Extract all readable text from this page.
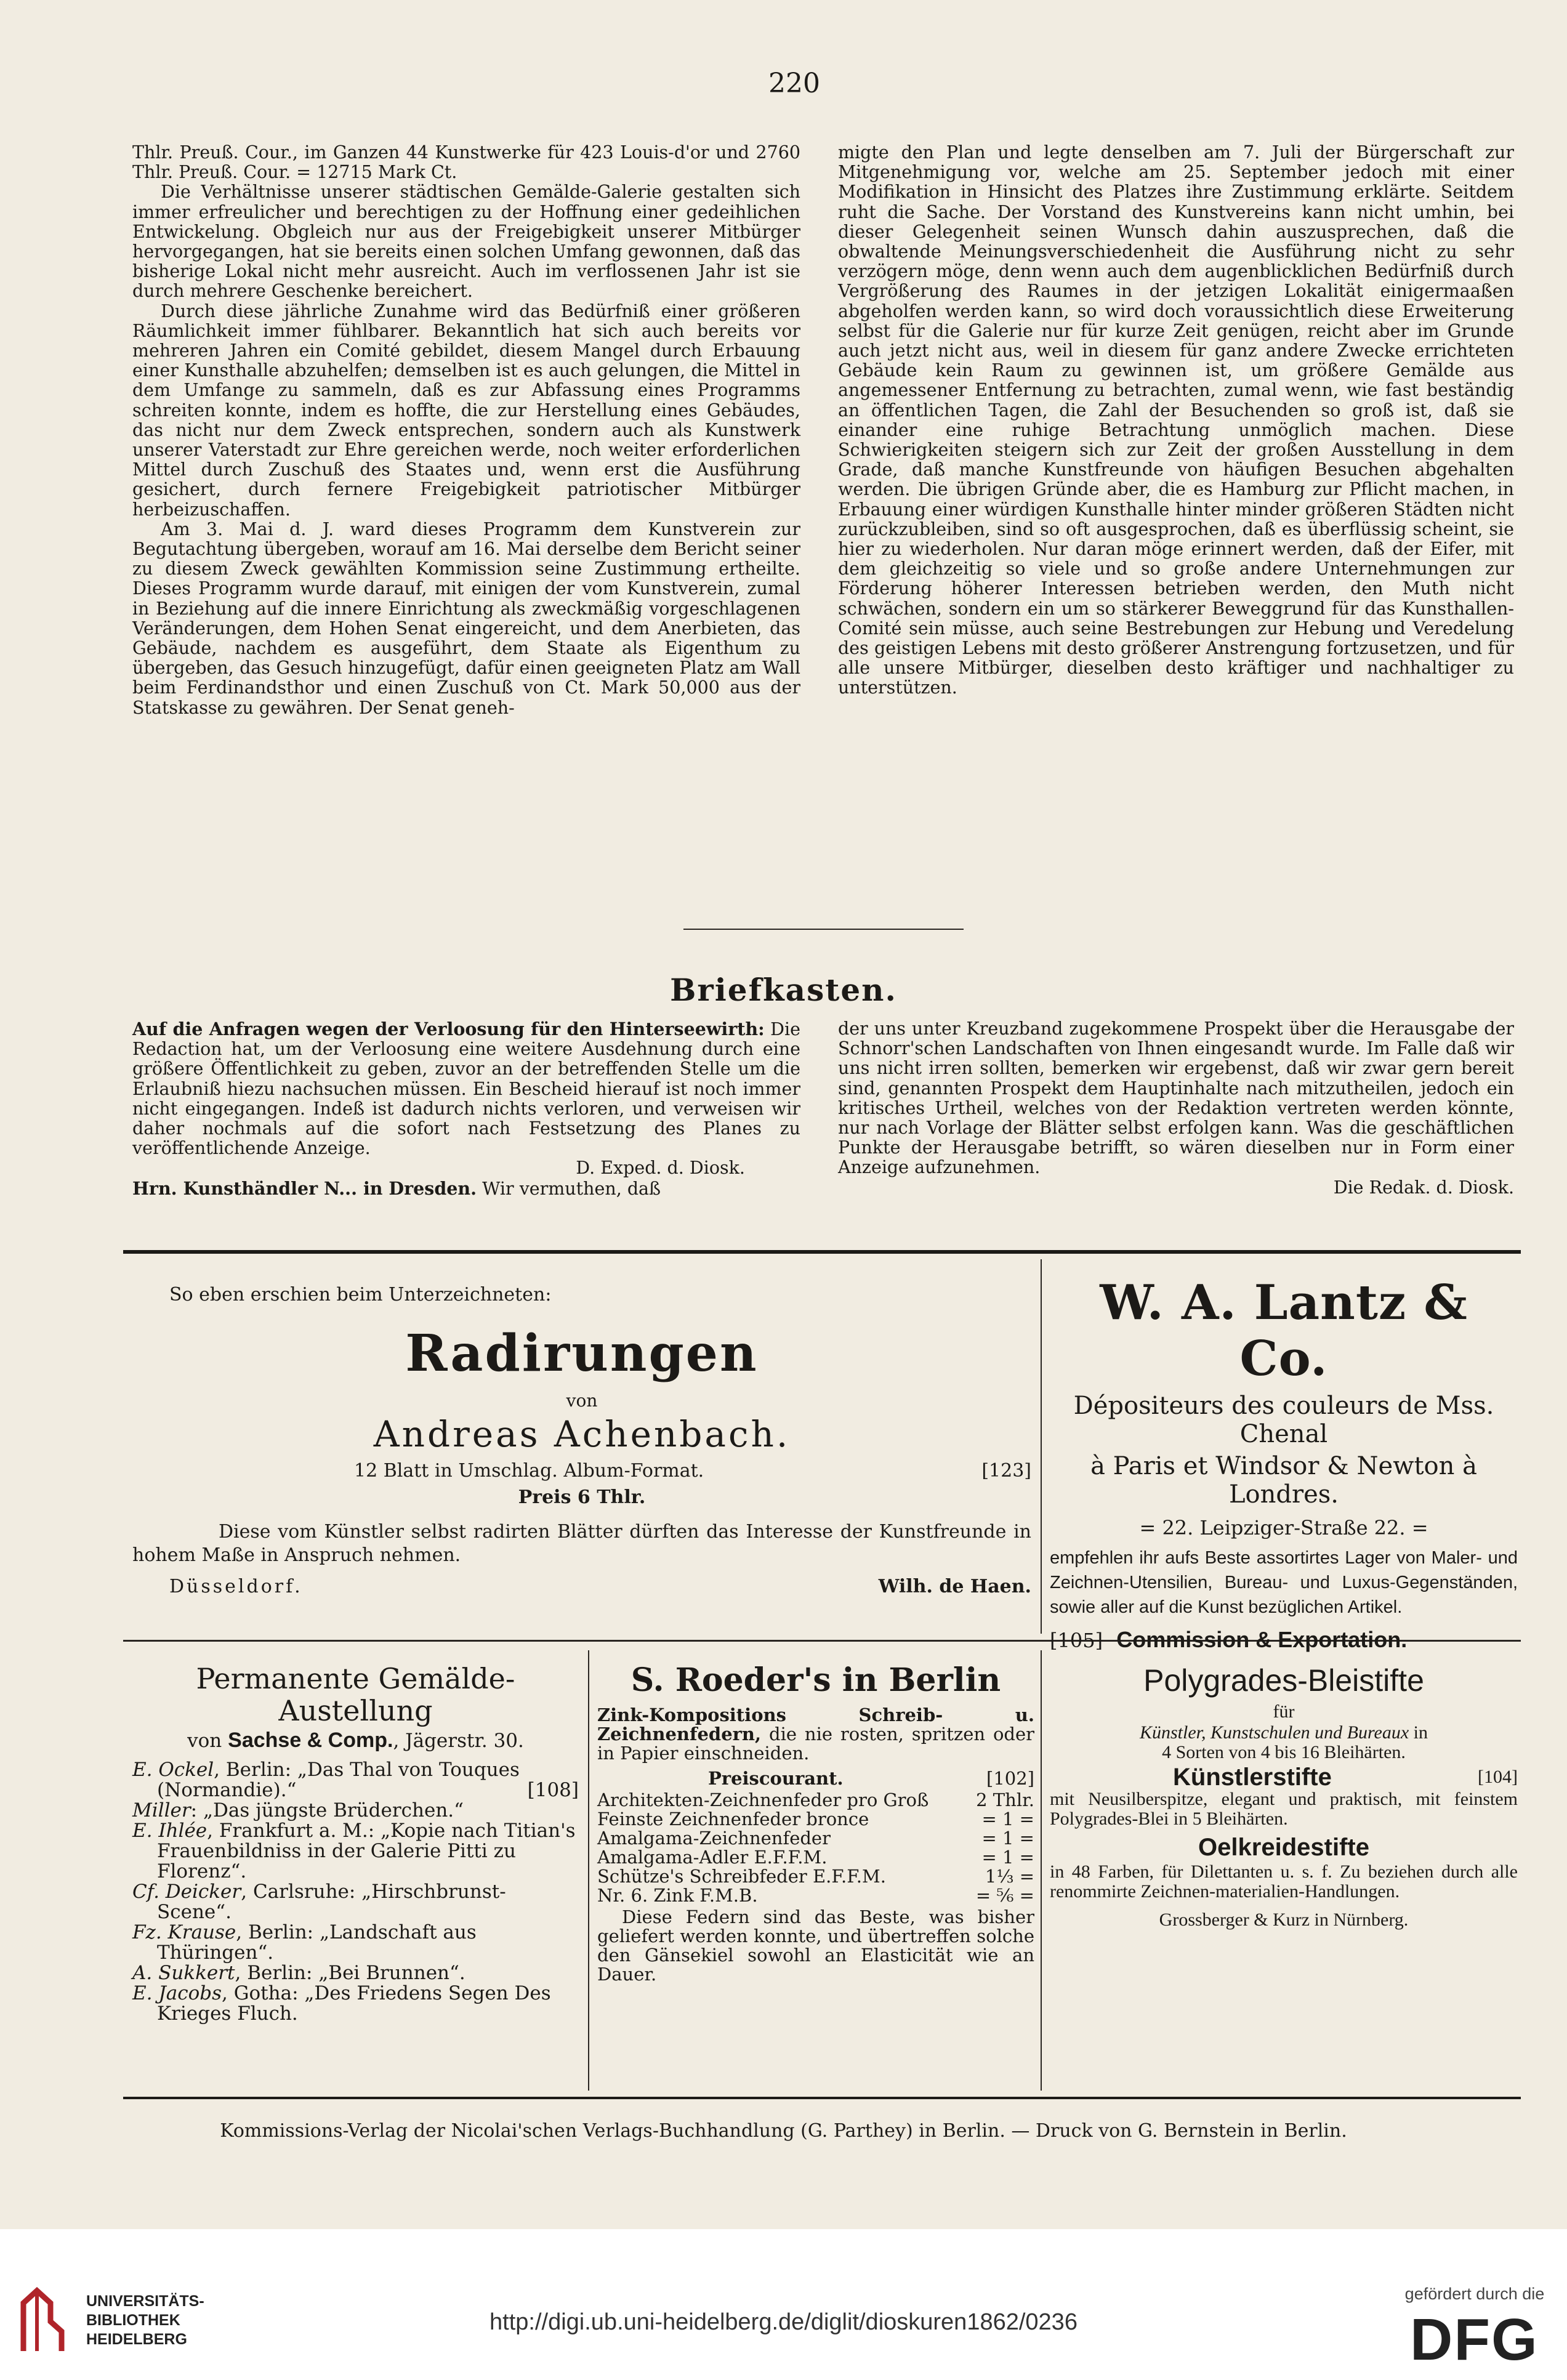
220

Thlr. Preuß. Cour., im Ganzen 44 Kunstwerke für 423 Louis-d'or und 2760 Thlr. Preuß. Cour. = 12715 Mark Ct.

Die Verhältnisse unserer städtischen Gemälde-Galerie gestalten sich immer erfreulicher und berechtigen zu der Hoffnung einer gedeihlichen Entwickelung. Obgleich nur aus der Freigebigkeit unserer Mitbürger hervorgegangen, hat sie bereits einen solchen Umfang gewonnen, daß das bisherige Lokal nicht mehr ausreicht. Auch im verflossenen Jahr ist sie durch mehrere Geschenke bereichert.

Durch diese jährliche Zunahme wird das Bedürfniß einer größeren Räumlichkeit immer fühlbarer. Bekanntlich hat sich auch bereits vor mehreren Jahren ein Comité gebildet, diesem Mangel durch Erbauung einer Kunsthalle abzuhelfen; demselben ist es auch gelungen, die Mittel in dem Umfange zu sammeln, daß es zur Abfassung eines Programms schreiten konnte, indem es hoffte, die zur Herstellung eines Gebäudes, das nicht nur dem Zweck entsprechen, sondern auch als Kunstwerk unserer Vaterstadt zur Ehre gereichen werde, noch weiter erforderlichen Mittel durch Zuschuß des Staates und, wenn erst die Ausführung gesichert, durch fernere Freigebigkeit patriotischer Mitbürger herbeizuschaffen.

Am 3. Mai d. J. ward dieses Programm dem Kunstverein zur Begutachtung übergeben, worauf am 16. Mai derselbe dem Bericht seiner zu diesem Zweck gewählten Kommission seine Zustimmung ertheilte. Dieses Programm wurde darauf, mit einigen der vom Kunstverein, zumal in Beziehung auf die innere Einrichtung als zweckmäßig vorgeschlagenen Veränderungen, dem Hohen Senat eingereicht, und dem Anerbieten, das Gebäude, nachdem es ausgeführt, dem Staate als Eigenthum zu übergeben, das Gesuch hinzugefügt, dafür einen geeigneten Platz am Wall beim Ferdinandsthor und einen Zuschuß von Ct. Mark 50,000 aus der Statskasse zu gewähren. Der Senat geneh-

migte den Plan und legte denselben am 7. Juli der Bürgerschaft zur Mitgenehmigung vor, welche am 25. September jedoch mit einer Modifikation in Hinsicht des Platzes ihre Zustimmung erklärte. Seitdem ruht die Sache. Der Vorstand des Kunstvereins kann nicht umhin, bei dieser Gelegenheit seinen Wunsch dahin auszusprechen, daß die obwaltende Meinungsverschiedenheit die Ausführung nicht zu sehr verzögern möge, denn wenn auch dem augenblicklichen Bedürfniß durch Vergrößerung des Raumes in der jetzigen Lokalität einigermaaßen abgeholfen werden kann, so wird doch voraussichtlich diese Erweiterung selbst für die Galerie nur für kurze Zeit genügen, reicht aber im Grunde auch jetzt nicht aus, weil in diesem für ganz andere Zwecke errichteten Gebäude kein Raum zu gewinnen ist, um größere Gemälde aus angemessener Entfernung zu betrachten, zumal wenn, wie fast beständig an öffentlichen Tagen, die Zahl der Besuchenden so groß ist, daß sie einander eine ruhige Betrachtung unmöglich machen. Diese Schwierigkeiten steigern sich zur Zeit der großen Ausstellung in dem Grade, daß manche Kunstfreunde von häufigen Besuchen abgehalten werden. Die übrigen Gründe aber, die es Hamburg zur Pflicht machen, in Erbauung einer würdigen Kunsthalle hinter minder größeren Städten nicht zurückzubleiben, sind so oft ausgesprochen, daß es überflüssig scheint, sie hier zu wiederholen. Nur daran möge erinnert werden, daß der Eifer, mit dem gleichzeitig so viele und so große andere Unternehmungen zur Förderung höherer Interessen betrieben werden, den Muth nicht schwächen, sondern ein um so stärkerer Beweggrund für das Kunsthallen-Comité sein müsse, auch seine Bestrebungen zur Hebung und Veredelung des geistigen Lebens mit desto größerer Anstrengung fortzusetzen, und für alle unsere Mitbürger, dieselben desto kräftiger und nachhaltiger zu unterstützen.

Briefkasten.

Auf die Anfragen wegen der Verloosung für den Hinterseewirth: Die Redaction hat, um der Verloosung eine weitere Ausdehnung durch eine größere Öffentlichkeit zu geben, zuvor an der betreffenden Stelle um die Erlaubniß hiezu nachsuchen müssen. Ein Bescheid hierauf ist noch immer nicht eingegangen. Indeß ist dadurch nichts verloren, und verweisen wir daher nochmals auf die sofort nach Festsetzung des Planes zu veröffentlichende Anzeige.

D. Exped. d. Diosk.

Hrn. Kunsthändler N... in Dresden. Wir vermuthen, daß

der uns unter Kreuzband zugekommene Prospekt über die Herausgabe der Schnorr'schen Landschaften von Ihnen eingesandt wurde. Im Falle daß wir uns nicht irren sollten, bemerken wir ergebenst, daß wir zwar gern bereit sind, genannten Prospekt dem Hauptinhalte nach mitzutheilen, jedoch ein kritisches Urtheil, welches von der Redaktion vertreten werden könnte, nur nach Vorlage der Blätter selbst erfolgen kann. Was die geschäftlichen Punkte der Herausgabe betrifft, so wären dieselben nur in Form einer Anzeige aufzunehmen.

Die Redak. d. Diosk.

So eben erschien beim Unterzeichneten:
Radirungen
von
Andreas Achenbach.
12 Blatt in Umschlag. Album-Format.	[123]
Preis 6 Thlr.
Diese vom Künstler selbst radirten Blätter dürften das Interesse der Kunstfreunde in hohem Maße in Anspruch nehmen.
Düsseldorf.	Wilh. de Haen.
W. A. Lantz & Co.
Dépositeurs des couleurs de Mss. Chenal
à Paris et Windsor & Newton à Londres.
= 22. Leipziger-Straße 22. =
empfehlen ihr aufs Beste assortirtes Lager von Maler- und Zeichnen-Utensilien, Bureau- und Luxus-Gegenständen, sowie aller auf die Kunst bezüglichen Artikel.
[105] Commission & Exportation.
Permanente Gemälde-Austellung
von Sachse & Comp., Jägerstr. 30.
E. Ockel, Berlin: „Das Thal von Touques (Normandie).“	[108]
Miller: „Das jüngste Brüderchen.“
E. Ihlée, Frankfurt a. M.: „Kopie nach Titian's Frauenbildniss in der Galerie Pitti zu Florenz“.
Cf. Deicker, Carlsruhe: „Hirschbrunst-Scene“.
Fz. Krause, Berlin: „Landschaft aus Thüringen“.
A. Sukkert, Berlin: „Bei Brunnen“.
E. Jacobs, Gotha: „Des Friedens Segen Des Krieges Fluch.
S. Roeder's in Berlin
Zink-Kompositions Schreib- u. Zeichnenfedern, die nie rosten, spritzen oder in Papier einschneiden.
Preiscourant.	[102]
Architekten-Zeichnenfeder pro Groß	2 Thlr.
Feinste Zeichnenfeder bronce	= 1 =
Amalgama-Zeichnenfeder	= 1 =
Amalgama-Adler E.F.F.M.	= 1 =
Schütze's Schreibfeder E.F.F.M.	1⅓ =
Nr. 6. Zink F.M.B.	= ⅚ =
Diese Federn sind das Beste, was bisher geliefert werden konnte, und übertreffen solche den Gänsekiel sowohl an Elasticität wie an Dauer.
Polygrades-Bleistifte
für
Künstler, Kunstschulen und Bureaux in
4 Sorten von 4 bis 16 Bleihärten.
Künstlerstifte	[104]
mit Neusilberspitze, elegant und praktisch, mit feinstem Polygrades-Blei in 5 Bleihärten.
Oelkreidestifte
in 48 Farben, für Dilettanten u. s. f. Zu beziehen durch alle renommirte Zeichnen-materialien-Handlungen.
Grossberger & Kurz in Nürnberg.
Kommissions-Verlag der Nicolai'schen Verlags-Buchhandlung (G. Parthey) in Berlin. — Druck von G. Bernstein in Berlin.
UNIVERSITÄTS-
BIBLIOTHEK
HEIDELBERG
http://digi.ub.uni-heidelberg.de/diglit/dioskuren1862/0236
gefördert durch die
DFG
